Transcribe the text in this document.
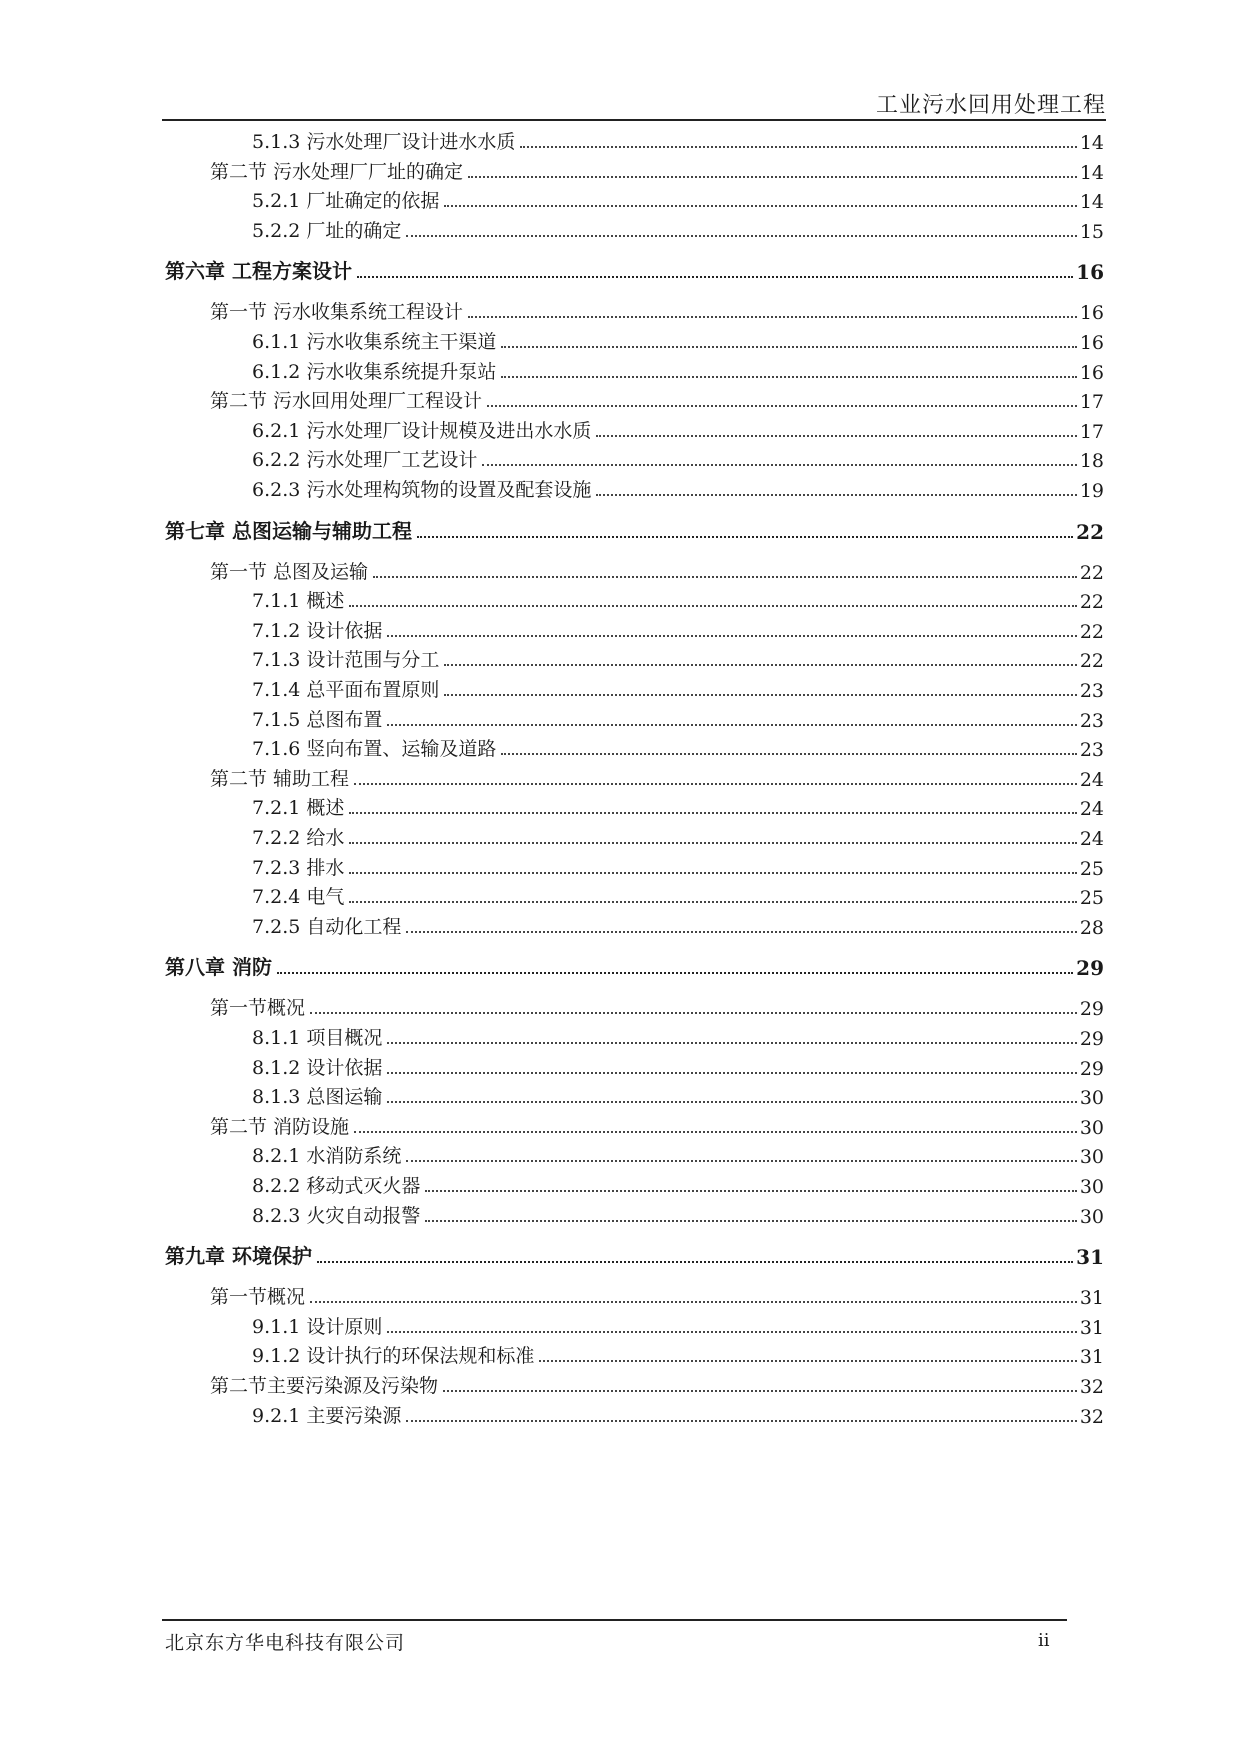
工业污水回用处理工程
5.1.3 污水处理厂设计进水水质	14
第二节 污水处理厂厂址的确定	14
5.2.1 厂址确定的依据	14
5.2.2 厂址的确定	15
第六章 工程方案设计	16
第一节 污水收集系统工程设计	16
6.1.1 污水收集系统主干渠道	16
6.1.2 污水收集系统提升泵站	16
第二节 污水回用处理厂工程设计	17
6.2.1 污水处理厂设计规模及进出水水质	17
6.2.2 污水处理厂工艺设计	18
6.2.3 污水处理构筑物的设置及配套设施	19
第七章 总图运输与辅助工程	22
第一节 总图及运输	22
7.1.1 概述	22
7.1.2 设计依据	22
7.1.3 设计范围与分工	22
7.1.4 总平面布置原则	23
7.1.5 总图布置	23
7.1.6 竖向布置、运输及道路	23
第二节 辅助工程	24
7.2.1 概述	24
7.2.2 给水	24
7.2.3 排水	25
7.2.4 电气	25
7.2.5 自动化工程	28
第八章 消防	29
第一节概况	29
8.1.1 项目概况	29
8.1.2 设计依据	29
8.1.3 总图运输	30
第二节 消防设施	30
8.2.1 水消防系统	30
8.2.2 移动式灭火器	30
8.2.3 火灾自动报警	30
第九章 环境保护	31
第一节概况	31
9.1.1 设计原则	31
9.1.2 设计执行的环保法规和标准	31
第二节主要污染源及污染物	32
9.2.1 主要污染源	32
北京东方华电科技有限公司	ii
